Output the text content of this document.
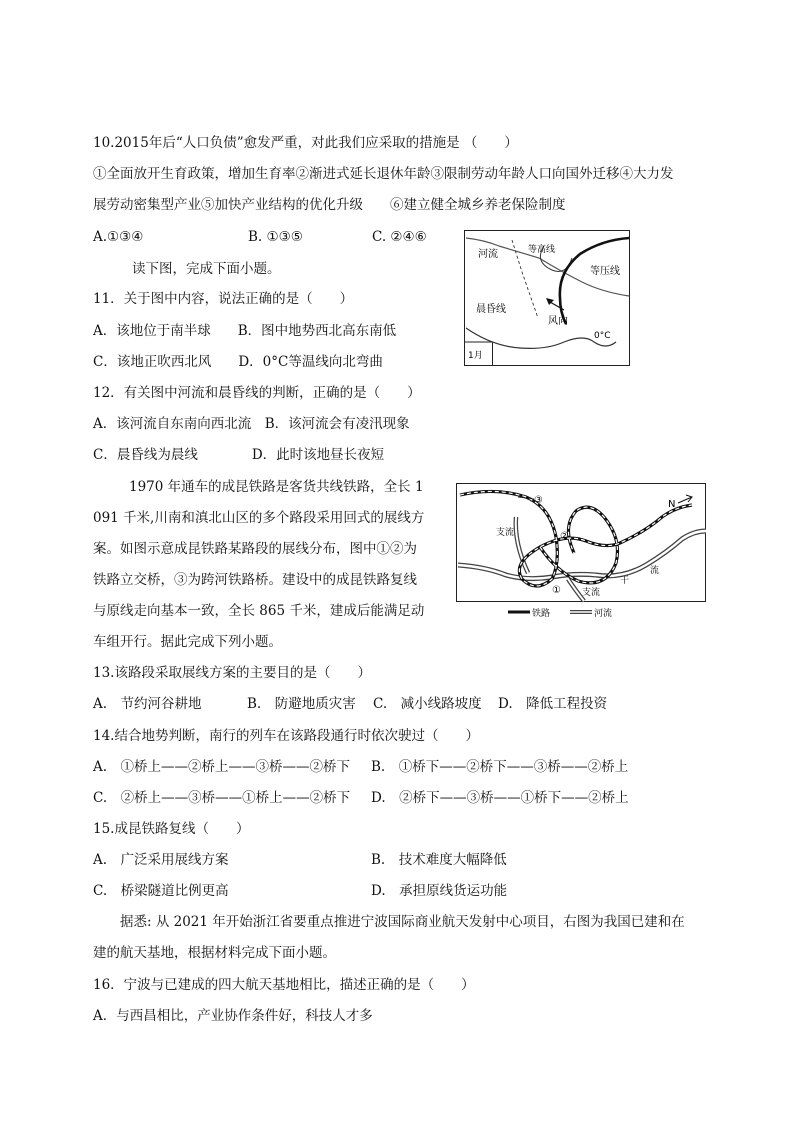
10.2015年后“人口负债”愈发严重，对此我们应采取的措施是 （　　）
①全面放开生育政策，增加生育率②渐进式延长退休年龄③限制劳动年龄人口向国外迁移④大力发
展劳动密集型产业⑤加快产业结构的优化升级　　⑥建立健全城乡养老保险制度
A.①③④	B. ①③⑤	C. ②④⑥
读下图，完成下面小题。
11．关于图中内容，说法正确的是（　　）
A．该地位于南半球　　B．图中地势西北高东南低
C．该地正吹西北风　　D．0°C等温线向北弯曲
12．有关图中河流和晨昏线的判断，正确的是（　　）
A．该河流自东南向西北流　B．该河流会有凌汛现象
C．晨昏线为晨线　　　　D．此时该地昼长夜短
河流	等高线
等压线
晨昏线
风向
0°C
1月
1970 年通车的成昆铁路是客货共线铁路，全长 1
091 千米,川南和滇北山区的多个路段采用回式的展线方
案。如图示意成昆铁路某路段的展线分布，图中①②为
铁路立交桥，③为跨河铁路桥。建设中的成昆铁路复线
与原线走向基本一致，全长 865 千米，建成后能满足动
车组开行。据此完成下列小题。
③
②
①
N
支流
支流
干
流
铁路	河流
13.该路段采取展线方案的主要目的是（　　）
A.　节约河谷耕地	B.　防避地质灾害 C.　减小线路坡度 D.　降低工程投资
14.结合地势判断，南行的列车在该路段通行时依次驶过（　　）
A.　①桥上——②桥上——③桥——②桥下 B.　①桥下——②桥下——③桥——②桥上
C.　②桥上——③桥——①桥上——②桥下 D.　②桥下——③桥——①桥下——②桥上
15.成昆铁路复线（　　）
A.　广泛采用展线方案	B.　技术难度大幅降低
C.　桥梁隧道比例更高	D.　承担原线货运功能
据悉: 从 2021 年开始浙江省要重点推进宁波国际商业航天发射中心项目，右图为我国已建和在
建的航天基地，根据材料完成下面小题。
16．宁波与已建成的四大航天基地相比，描述正确的是（　　）
A．与西昌相比，产业协作条件好，科技人才多
